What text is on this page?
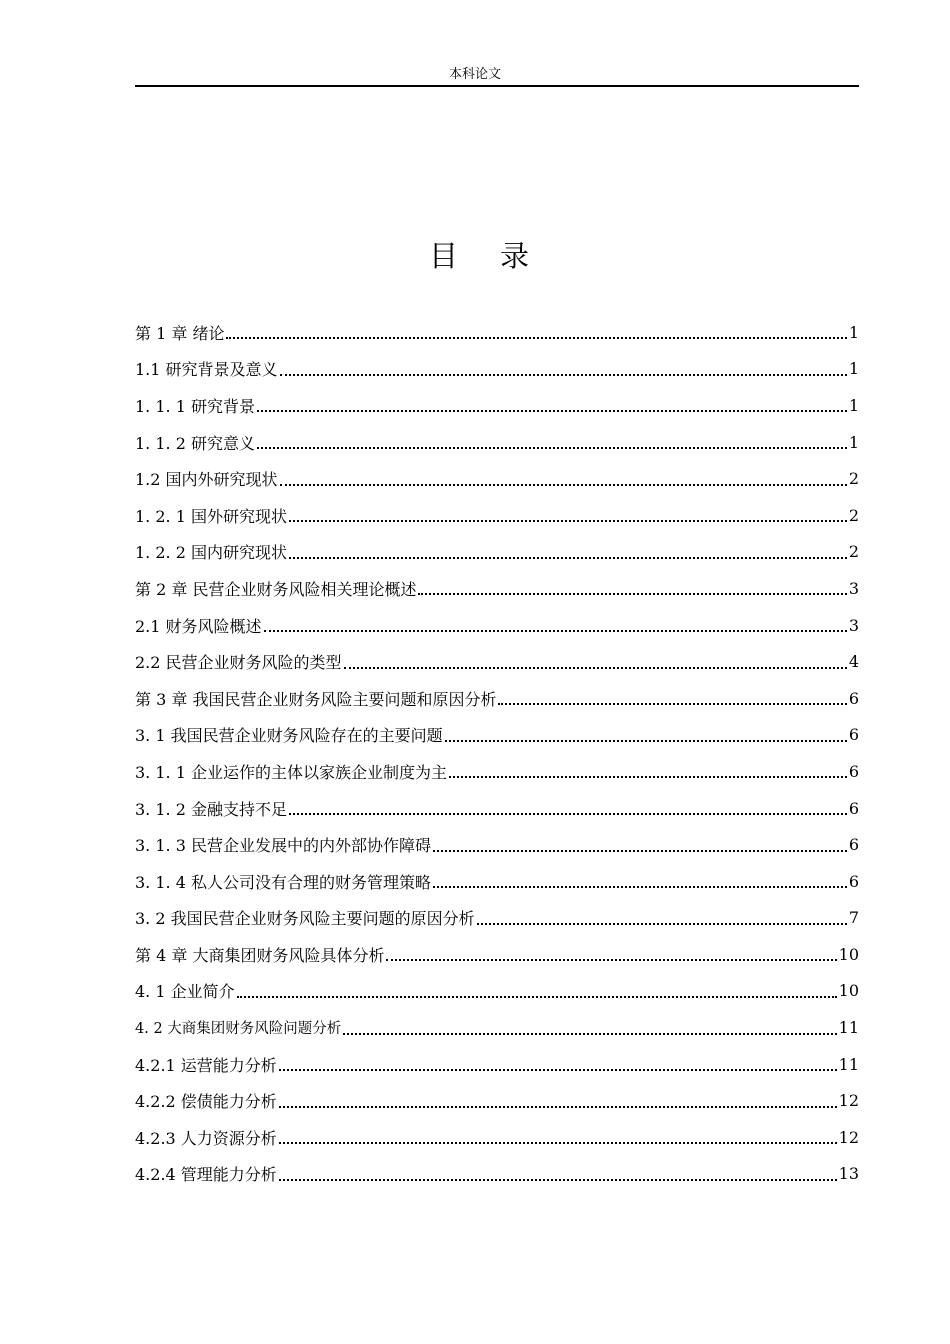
本科论文
目录
第 1 章 绪论	1
1.1 研究背景及意义	1
1. 1. 1 研究背景	1
1. 1. 2 研究意义	1
1.2 国内外研究现状	2
1. 2. 1 国外研究现状	2
1. 2. 2 国内研究现状	2
第 2 章 民营企业财务风险相关理论概述	3
2.1 财务风险概述	3
2.2 民营企业财务风险的类型	4
第 3 章 我国民营企业财务风险主要问题和原因分析	6
3. 1 我国民营企业财务风险存在的主要问题	6
3. 1. 1 企业运作的主体以家族企业制度为主	6
3. 1. 2 金融支持不足	6
3. 1. 3 民营企业发展中的内外部协作障碍	6
3. 1. 4 私人公司没有合理的财务管理策略	6
3. 2 我国民营企业财务风险主要问题的原因分析	7
第 4 章 大商集团财务风险具体分析	10
4. 1 企业简介	10
4. 2 大商集团财务风险问题分析	11
4.2.1 运营能力分析	11
4.2.2 偿债能力分析	12
4.2.3 人力资源分析	12
4.2.4 管理能力分析	13
